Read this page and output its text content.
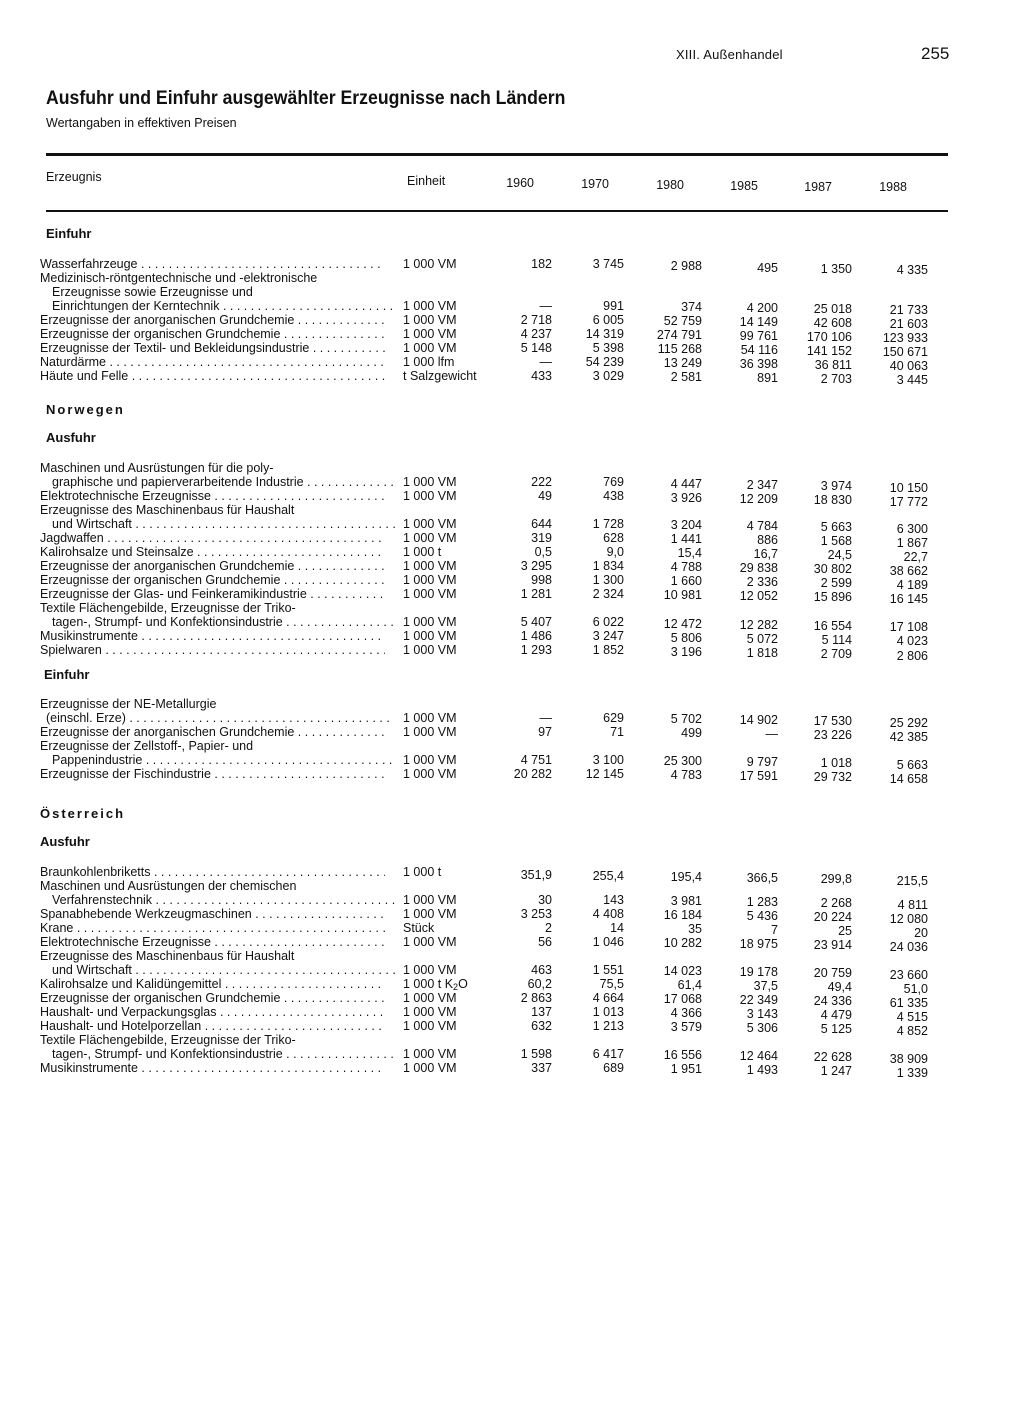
XIII. Außenhandel	255
Ausfuhr und Einfuhr ausgewählter Erzeugnisse nach Ländern
Wertangaben in effektiven Preisen
Erzeugnis	Einheit	1960	1970	1980	1985	1987	1988
Einfuhr
Wasserfahrzeuge . . .	1 000 VM	182	3 745	2 988	495	1 350	4 335
Medizinisch-röntgentechnische und -elektronische
Erzeugnisse sowie Erzeugnisse und
Einrichtungen der Kerntechnik . . .	1 000 VM	—	991	374	4 200	25 018	21 733
Erzeugnisse der anorganischen Grundchemie . . .	1 000 VM	2 718	6 005	52 759	14 149	42 608	21 603
Erzeugnisse der organischen Grundchemie . . .	1 000 VM	4 237	14 319	274 791	99 761	170 106	123 933
Erzeugnisse der Textil- und Bekleidungsindustrie . . .	1 000 VM	5 148	5 398	115 268	54 116	141 152	150 671
Naturdärme . . .	1 000 lfm	—	54 239	13 249	36 398	36 811	40 063
Häute und Felle . . .	t Salzgewicht	433	3 029	2 581	891	2 703	3 445
Norwegen
Ausfuhr
Maschinen und Ausrüstungen für die poly-
graphische und papierverarbeitende Industrie . . .	1 000 VM	222	769	4 447	2 347	3 974	10 150
Elektrotechnische Erzeugnisse . . .	1 000 VM	49	438	3 926	12 209	18 830	17 772
Erzeugnisse des Maschinenbaus für Haushalt
und Wirtschaft . . .	1 000 VM	644	1 728	3 204	4 784	5 663	6 300
Jagdwaffen . . .	1 000 VM	319	628	1 441	886	1 568	1 867
Kalirohsalze und Steinsalze . . .	1 000 t	0,5	9,0	15,4	16,7	24,5	22,7
Erzeugnisse der anorganischen Grundchemie . . .	1 000 VM	3 295	1 834	4 788	29 838	30 802	38 662
Erzeugnisse der organischen Grundchemie . . .	1 000 VM	998	1 300	1 660	2 336	2 599	4 189
Erzeugnisse der Glas- und Feinkeramikindustrie . . .	1 000 VM	1 281	2 324	10 981	12 052	15 896	16 145
Textile Flächengebilde, Erzeugnisse der Triko-
tagen-, Strumpf- und Konfektionsindustrie . . .	1 000 VM	5 407	6 022	12 472	12 282	16 554	17 108
Musikinstrumente . . .	1 000 VM	1 486	3 247	5 806	5 072	5 114	4 023
Spielwaren . . .	1 000 VM	1 293	1 852	3 196	1 818	2 709	2 806
Einfuhr
Erzeugnisse der NE-Metallurgie
(einschl. Erze) . . .	1 000 VM	—	629	5 702	14 902	17 530	25 292
Erzeugnisse der anorganischen Grundchemie . . .	1 000 VM	97	71	499	—	23 226	42 385
Erzeugnisse der Zellstoff-, Papier- und
Pappenindustrie . . .	1 000 VM	4 751	3 100	25 300	9 797	1 018	5 663
Erzeugnisse der Fischindustrie . . .	1 000 VM	20 282	12 145	4 783	17 591	29 732	14 658
Österreich
Ausfuhr
Braunkohlenbriketts . . .	1 000 t	351,9	255,4	195,4	366,5	299,8	215,5
Maschinen und Ausrüstungen der chemischen
Verfahrenstechnik . . .	1 000 VM	30	143	3 981	1 283	2 268	4 811
Spanabhebende Werkzeugmaschinen . . .	1 000 VM	3 253	4 408	16 184	5 436	20 224	12 080
Krane . . .	Stück	2	14	35	7	25	20
Elektrotechnische Erzeugnisse . . .	1 000 VM	56	1 046	10 282	18 975	23 914	24 036
Erzeugnisse des Maschinenbaus für Haushalt
und Wirtschaft . . .	1 000 VM	463	1 551	14 023	19 178	20 759	23 660
Kalirohsalze und Kalidüngemittel . . .	1 000 t $K_2O$	60,2	75,5	61,4	37,5	49,4	51,0
Erzeugnisse der organischen Grundchemie . . .	1 000 VM	2 863	4 664	17 068	22 349	24 336	61 335
Haushalt- und Verpackungsglas . . .	1 000 VM	137	1 013	4 366	3 143	4 479	4 515
Haushalt- und Hotelporzellan . . .	1 000 VM	632	1 213	3 579	5 306	5 125	4 852
Textile Flächengebilde, Erzeugnisse der Triko-
tagen-, Strumpf- und Konfektionsindustrie . . .	1 000 VM	1 598	6 417	16 556	12 464	22 628	38 909
Musikinstrumente . . .	1 000 VM	337	689	1 951	1 493	1 247	1 339
